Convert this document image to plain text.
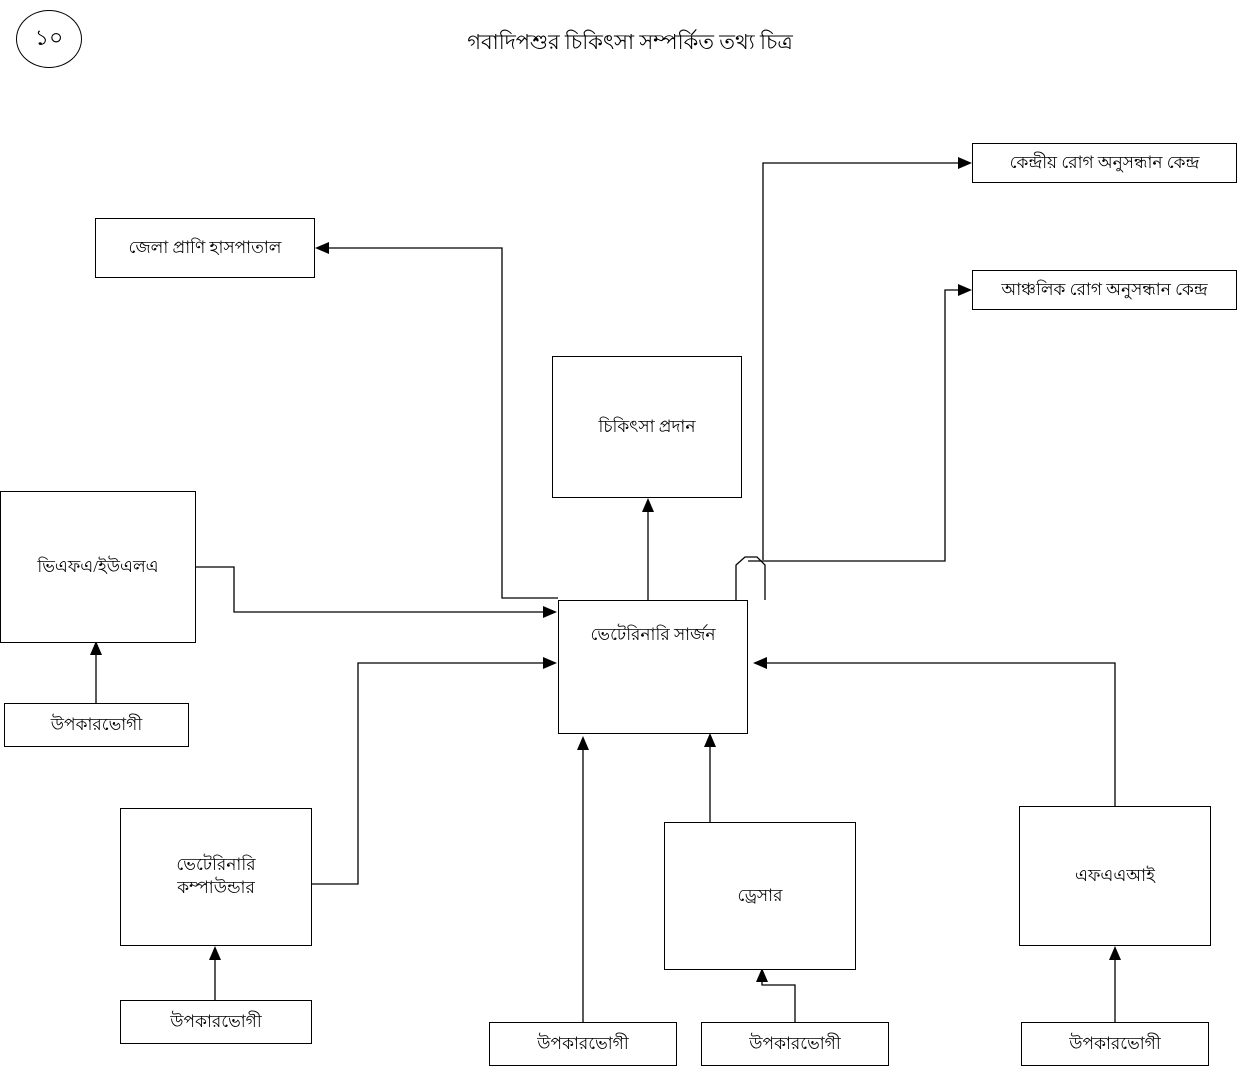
১০	গবাদিপশুর চিকিৎসা সম্পর্কিত তথ্য চিত্র
কেন্দ্রীয় রোগ অনুসন্ধান কেন্দ্র
আঞ্চলিক রোগ অনুসন্ধান কেন্দ্র
জেলা প্রাণি হাসপাতাল
চিকিৎসা প্রদান
ভিএফএ/ইউএলএ
ভেটেরিনারি সার্জন
ভেটেরিনারি
কম্পাউন্ডার	ড্রেসার
এফএএআই
উপকারভোগী
উপকারভোগী
উপকারভোগী	উপকারভোগী	উপকারভোগী
